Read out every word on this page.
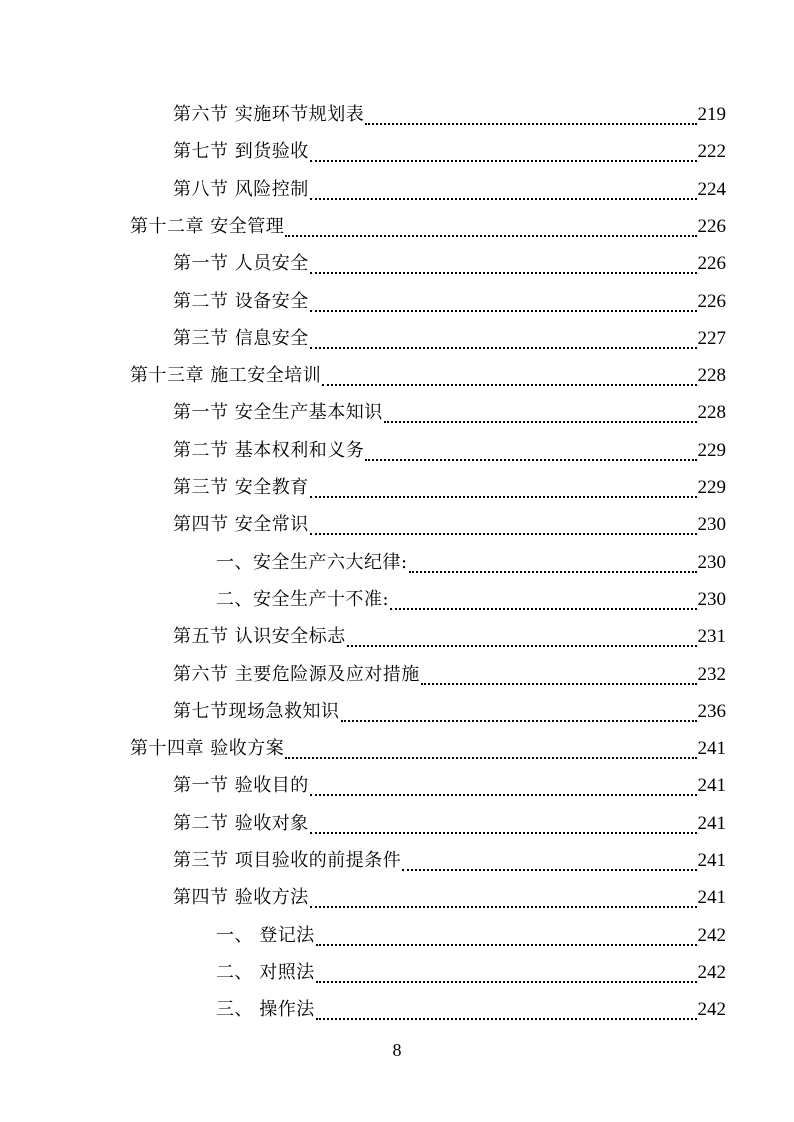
第六节 实施环节规划表	219
第七节 到货验收	222
第八节 风险控制	224
第十二章 安全管理	226
第一节 人员安全	226
第二节 设备安全	226
第三节 信息安全	227
第十三章 施工安全培训	228
第一节 安全生产基本知识	228
第二节 基本权利和义务	229
第三节 安全教育	229
第四节 安全常识	230
一、安全生产六大纪律:	230
二、安全生产十不准:	230
第五节 认识安全标志	231
第六节 主要危险源及应对措施	232
第七节现场急救知识	236
第十四章 验收方案	241
第一节 验收目的	241
第二节 验收对象	241
第三节 项目验收的前提条件	241
第四节 验收方法	241
一、 登记法	242
二、 对照法	242
三、 操作法	242
8
